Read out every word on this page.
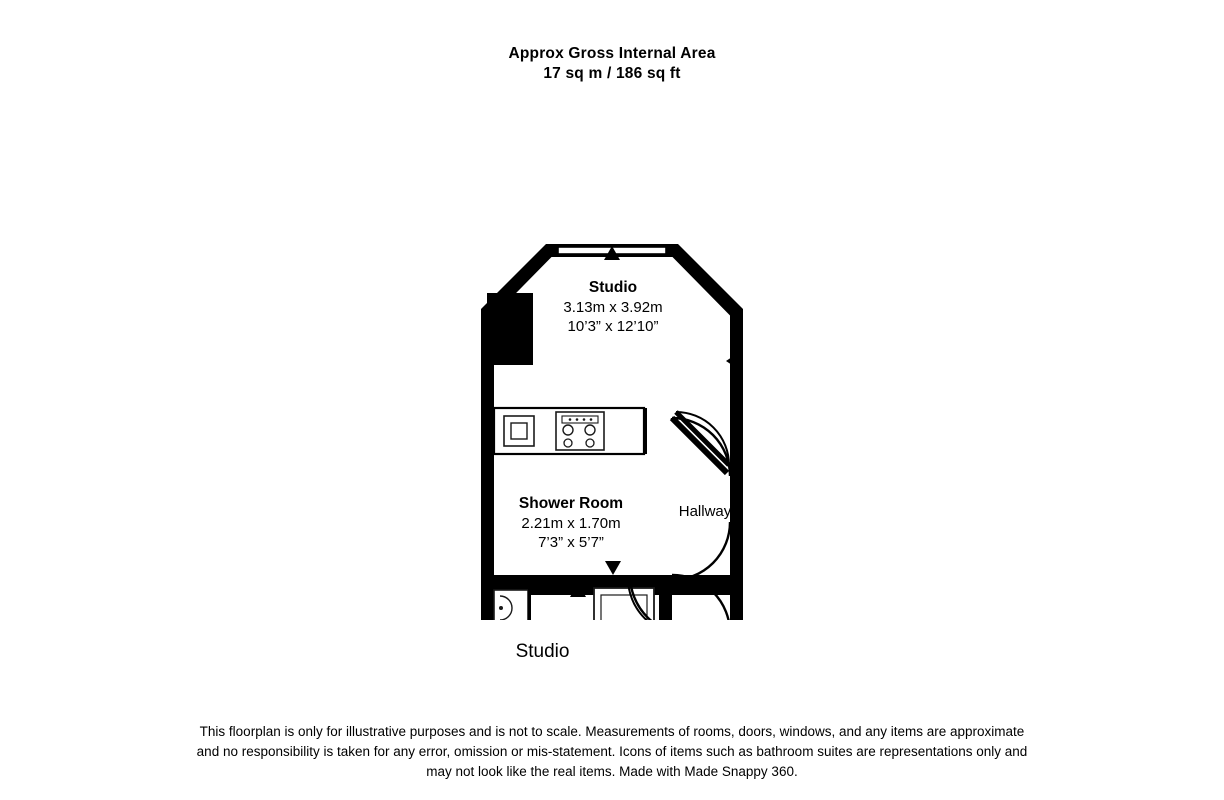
Approx Gross Internal Area
17 sq m / 186 sq ft
Studio
3.13m x 3.92m
10’3” x 12’10”
Shower Room
2.21m x 1.70m
7’3” x 5’7”
Hallway
Studio
This floorplan is only for illustrative purposes and is not to scale. Measurements of rooms, doors, windows, and any items are approximate
and no responsibility is taken for any error, omission or mis-statement. Icons of items such as bathroom suites are representations only and
may not look like the real items. Made with Made Snappy 360.
